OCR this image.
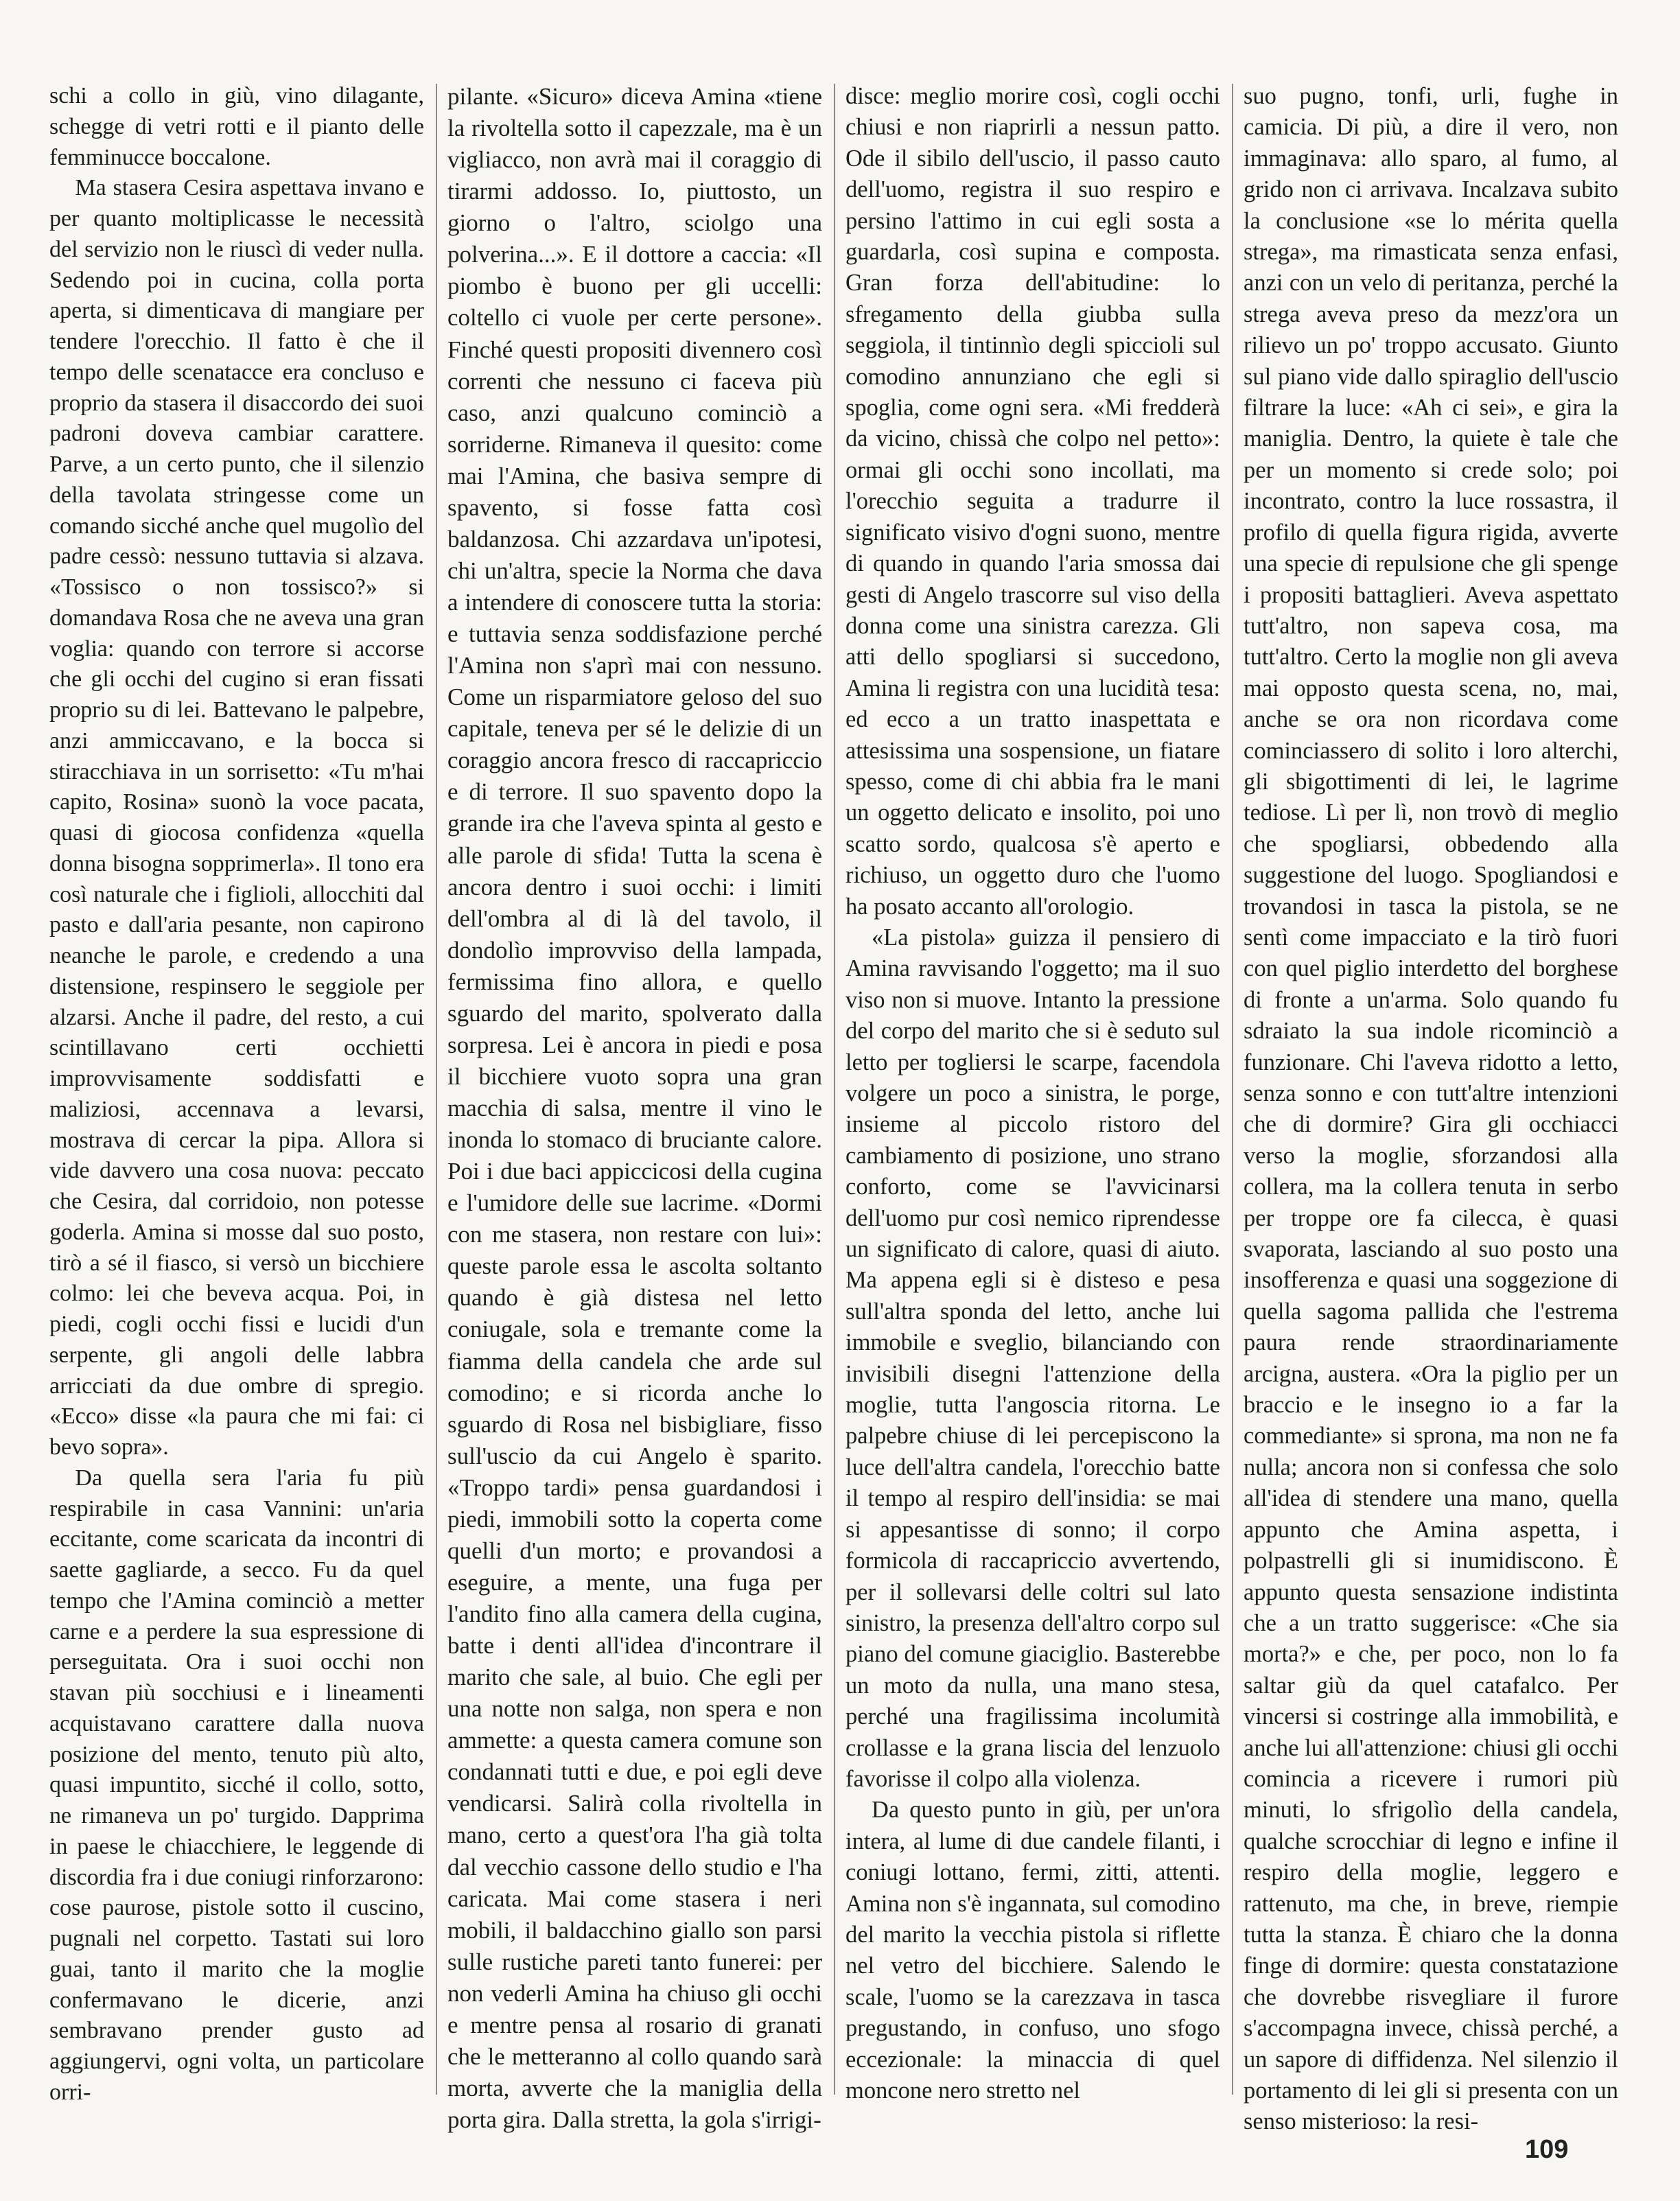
schi a collo in giù, vino dilagante, schegge di vetri rotti e il pianto delle femminucce boccalone.

Ma stasera Cesira aspettava invano e per quanto moltiplicasse le necessità del servizio non le riuscì di veder nulla. Sedendo poi in cucina, colla porta aperta, si dimenticava di mangiare per tendere l'orecchio. Il fatto è che il tempo delle scenatacce era concluso e proprio da stasera il disaccordo dei suoi padroni doveva cambiar carattere. Parve, a un certo punto, che il silenzio della tavolata stringesse come un comando sicché anche quel mugolìo del padre cessò: nessuno tuttavia si alzava. «Tossisco o non tossisco?» si domandava Rosa che ne aveva una gran voglia: quando con terrore si accorse che gli occhi del cugino si eran fissati proprio su di lei. Battevano le palpebre, anzi ammiccavano, e la bocca si stiracchiava in un sorrisetto: «Tu m'hai capito, Rosina» suonò la voce pacata, quasi di giocosa confidenza «quella donna bisogna sopprimerla». Il tono era così naturale che i figlioli, allocchiti dal pasto e dall'aria pesante, non capirono neanche le parole, e credendo a una distensione, respinsero le seggiole per alzarsi. Anche il padre, del resto, a cui scintillavano certi occhietti improvvisamente soddisfatti e maliziosi, accennava a levarsi, mostrava di cercar la pipa. Allora si vide davvero una cosa nuova: peccato che Cesira, dal corridoio, non potesse goderla. Amina si mosse dal suo posto, tirò a sé il fiasco, si versò un bicchiere colmo: lei che beveva acqua. Poi, in piedi, cogli occhi fissi e lucidi d'un serpente, gli angoli delle labbra arricciati da due ombre di spregio. «Ecco» disse «la paura che mi fai: ci bevo sopra».

Da quella sera l'aria fu più respirabile in casa Vannini: un'aria eccitante, come scaricata da incontri di saette gagliarde, a secco. Fu da quel tempo che l'Amina cominciò a metter carne e a perdere la sua espressione di perseguitata. Ora i suoi occhi non stavan più socchiusi e i lineamenti acquistavano carattere dalla nuova posizione del mento, tenuto più alto, quasi impuntito, sicché il collo, sotto, ne rimaneva un po' turgido. Dapprima in paese le chiacchiere, le leggende di discordia fra i due coniugi rinforzarono: cose paurose, pistole sotto il cuscino, pugnali nel corpetto. Tastati sui loro guai, tanto il marito che la moglie confermavano le dicerie, anzi sembravano prender gusto ad aggiungervi, ogni volta, un particolare orri-

pilante. «Sicuro» diceva Amina «tiene la rivoltella sotto il capezzale, ma è un vigliacco, non avrà mai il coraggio di tirarmi addosso. Io, piuttosto, un giorno o l'altro, sciolgo una polverina...». E il dottore a caccia: «Il piombo è buono per gli uccelli: coltello ci vuole per certe persone». Finché questi propositi divennero così correnti che nessuno ci faceva più caso, anzi qualcuno cominciò a sorriderne. Rimaneva il quesito: come mai l'Amina, che basiva sempre di spavento, si fosse fatta così baldanzosa. Chi azzardava un'ipotesi, chi un'altra, specie la Norma che dava a intendere di conoscere tutta la storia: e tuttavia senza soddisfazione perché l'Amina non s'aprì mai con nessuno. Come un risparmiatore geloso del suo capitale, teneva per sé le delizie di un coraggio ancora fresco di raccapriccio e di terrore. Il suo spavento dopo la grande ira che l'aveva spinta al gesto e alle parole di sfida! Tutta la scena è ancora dentro i suoi occhi: i limiti dell'ombra al di là del tavolo, il dondolìo improvviso della lampada, fermissima fino allora, e quello sguardo del marito, spolverato dalla sorpresa. Lei è ancora in piedi e posa il bicchiere vuoto sopra una gran macchia di salsa, mentre il vino le inonda lo stomaco di bruciante calore. Poi i due baci appiccicosi della cugina e l'umidore delle sue lacrime. «Dormi con me stasera, non restare con lui»: queste parole essa le ascolta soltanto quando è già distesa nel letto coniugale, sola e tremante come la fiamma della candela che arde sul comodino; e si ricorda anche lo sguardo di Rosa nel bisbigliare, fisso sull'uscio da cui Angelo è sparito. «Troppo tardi» pensa guardandosi i piedi, immobili sotto la coperta come quelli d'un morto; e provandosi a eseguire, a mente, una fuga per l'andito fino alla camera della cugina, batte i denti all'idea d'incontrare il marito che sale, al buio. Che egli per una notte non salga, non spera e non ammette: a questa camera comune son condannati tutti e due, e poi egli deve vendicarsi. Salirà colla rivoltella in mano, certo a quest'ora l'ha già tolta dal vecchio cassone dello studio e l'ha caricata. Mai come stasera i neri mobili, il baldacchino giallo son parsi sulle rustiche pareti tanto funerei: per non vederli Amina ha chiuso gli occhi e mentre pensa al rosario di granati che le metteranno al collo quando sarà morta, avverte che la maniglia della porta gira. Dalla stretta, la gola s'irrigi-

disce: meglio morire così, cogli occhi chiusi e non riaprirli a nessun patto. Ode il sibilo dell'uscio, il passo cauto dell'uomo, registra il suo respiro e persino l'attimo in cui egli sosta a guardarla, così supina e composta. Gran forza dell'abitudine: lo sfregamento della giubba sulla seggiola, il tintinnìo degli spiccioli sul comodino annunziano che egli si spoglia, come ogni sera. «Mi fredderà da vicino, chissà che colpo nel petto»: ormai gli occhi sono incollati, ma l'orecchio seguita a tradurre il significato visivo d'ogni suono, mentre di quando in quando l'aria smossa dai gesti di Angelo trascorre sul viso della donna come una sinistra carezza. Gli atti dello spogliarsi si succedono, Amina li registra con una lucidità tesa: ed ecco a un tratto inaspettata e attesissima una sospensione, un fiatare spesso, come di chi abbia fra le mani un oggetto delicato e insolito, poi uno scatto sordo, qualcosa s'è aperto e richiuso, un oggetto duro che l'uomo ha posato accanto all'orologio.

«La pistola» guizza il pensiero di Amina ravvisando l'oggetto; ma il suo viso non si muove. Intanto la pressione del corpo del marito che si è seduto sul letto per togliersi le scarpe, facendola volgere un poco a sinistra, le porge, insieme al piccolo ristoro del cambiamento di posizione, uno strano conforto, come se l'avvicinarsi dell'uomo pur così nemico riprendesse un significato di calore, quasi di aiuto. Ma appena egli si è disteso e pesa sull'altra sponda del letto, anche lui immobile e sveglio, bilanciando con invisibili disegni l'attenzione della moglie, tutta l'angoscia ritorna. Le palpebre chiuse di lei percepiscono la luce dell'altra candela, l'orecchio batte il tempo al respiro dell'insidia: se mai si appesantisse di sonno; il corpo formicola di raccapriccio avvertendo, per il sollevarsi delle coltri sul lato sinistro, la presenza dell'altro corpo sul piano del comune giaciglio. Basterebbe un moto da nulla, una mano stesa, perché una fragilissima incolumità crollasse e la grana liscia del lenzuolo favorisse il colpo alla violenza.

Da questo punto in giù, per un'ora intera, al lume di due candele filanti, i coniugi lottano, fermi, zitti, attenti. Amina non s'è ingannata, sul comodino del marito la vecchia pistola si riflette nel vetro del bicchiere. Salendo le scale, l'uomo se la carezzava in tasca pregustando, in confuso, uno sfogo eccezionale: la minaccia di quel moncone nero stretto nel

suo pugno, tonfi, urli, fughe in camicia. Di più, a dire il vero, non immaginava: allo sparo, al fumo, al grido non ci arrivava. Incalzava subito la conclusione «se lo mérita quella strega», ma rimasticata senza enfasi, anzi con un velo di peritanza, perché la strega aveva preso da mezz'ora un rilievo un po' troppo accusato. Giunto sul piano vide dallo spiraglio dell'uscio filtrare la luce: «Ah ci sei», e gira la maniglia. Dentro, la quiete è tale che per un momento si crede solo; poi incontrato, contro la luce rossastra, il profilo di quella figura rigida, avverte una specie di repulsione che gli spenge i propositi battaglieri. Aveva aspettato tutt'altro, non sapeva cosa, ma tutt'altro. Certo la moglie non gli aveva mai opposto questa scena, no, mai, anche se ora non ricordava come cominciassero di solito i loro alterchi, gli sbigottimenti di lei, le lagrime tediose. Lì per lì, non trovò di meglio che spogliarsi, obbedendo alla suggestione del luogo. Spogliandosi e trovandosi in tasca la pistola, se ne sentì come impacciato e la tirò fuori con quel piglio interdetto del borghese di fronte a un'arma. Solo quando fu sdraiato la sua indole ricominciò a funzionare. Chi l'aveva ridotto a letto, senza sonno e con tutt'altre intenzioni che di dormire? Gira gli occhiacci verso la moglie, sforzandosi alla collera, ma la collera tenuta in serbo per troppe ore fa cilecca, è quasi svaporata, lasciando al suo posto una insofferenza e quasi una soggezione di quella sagoma pallida che l'estrema paura rende straordinariamente arcigna, austera. «Ora la piglio per un braccio e le insegno io a far la commediante» si sprona, ma non ne fa nulla; ancora non si confessa che solo all'idea di stendere una mano, quella appunto che Amina aspetta, i polpastrelli gli si inumidiscono. È appunto questa sensazione indistinta che a un tratto suggerisce: «Che sia morta?» e che, per poco, non lo fa saltar giù da quel catafalco. Per vincersi si costringe alla immobilità, e anche lui all'attenzione: chiusi gli occhi comincia a ricevere i rumori più minuti, lo sfrigolìo della candela, qualche scrocchiar di legno e infine il respiro della moglie, leggero e rattenuto, ma che, in breve, riempie tutta la stanza. È chiaro che la donna finge di dormire: questa constatazione che dovrebbe risvegliare il furore s'accompagna invece, chissà perché, a un sapore di diffidenza. Nel silenzio il portamento di lei gli si presenta con un senso misterioso: la resi-

109
